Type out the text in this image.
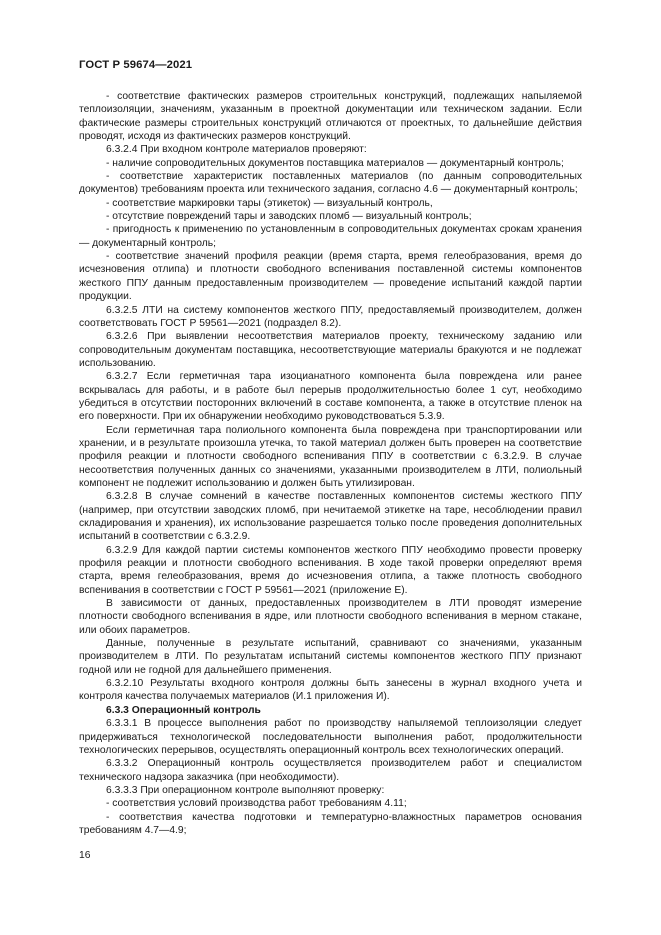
ГОСТ Р 59674—2021

- соответствие фактических размеров строительных конструкций, подлежащих напыляемой теплоизоляции, значениям, указанным в проектной документации или техническом задании. Если фактические размеры строительных конструкций отличаются от проектных, то дальнейшие действия проводят, исходя из фактических размеров конструкций.

6.3.2.4 При входном контроле материалов проверяют:

- наличие сопроводительных документов поставщика материалов — документарный контроль;

- соответствие характеристик поставленных материалов (по данным сопроводительных документов) требованиям проекта или технического задания, согласно 4.6 — документарный контроль;

- соответствие маркировки тары (этикеток) — визуальный контроль,

- отсутствие повреждений тары и заводских пломб — визуальный контроль;

- пригодность к применению по установленным в сопроводительных документах срокам хранения — документарный контроль;

- соответствие значений профиля реакции (время старта, время гелеобразования, время до исчезновения отлипа) и плотности свободного вспенивания поставленной системы компонентов жесткого ППУ данным предоставленным производителем — проведение испытаний каждой партии продукции.

6.3.2.5 ЛТИ на систему компонентов жесткого ППУ, предоставляемый производителем, должен соответствовать ГОСТ Р 59561—2021 (подраздел 8.2).

6.3.2.6 При выявлении несоответствия материалов проекту, техническому заданию или сопроводительным документам поставщика, несоответствующие материалы бракуются и не подлежат использованию.

6.3.2.7 Если герметичная тара изоцианатного компонента была повреждена или ранее вскрывалась для работы, и в работе был перерыв продолжительностью более 1 сут, необходимо убедиться в отсутствии посторонних включений в составе компонента, а также в отсутствие пленок на его поверхности. При их обнаружении необходимо руководствоваться 5.3.9.

Если герметичная тара полиольного компонента была повреждена при транспортировании или хранении, и в результате произошла утечка, то такой материал должен быть проверен на соответствие профиля реакции и плотности свободного вспенивания ППУ в соответствии с 6.3.2.9. В случае несоответствия полученных данных со значениями, указанными производителем в ЛТИ, полиольный компонент не подлежит использованию и должен быть утилизирован.

6.3.2.8 В случае сомнений в качестве поставленных компонентов системы жесткого ППУ (например, при отсутствии заводских пломб, при нечитаемой этикетке на таре, несоблюдении правил складирования и хранения), их использование разрешается только после проведения дополнительных испытаний в соответствии с 6.3.2.9.

6.3.2.9 Для каждой партии системы компонентов жесткого ППУ необходимо провести проверку профиля реакции и плотности свободного вспенивания. В ходе такой проверки определяют время старта, время гелеобразования, время до исчезновения отлипа, а также плотность свободного вспенивания в соответствии с ГОСТ Р 59561—2021 (приложение Е).

В зависимости от данных, предоставленных производителем в ЛТИ проводят измерение плотности свободного вспенивания в ядре, или плотности свободного вспенивания в мерном стакане, или обоих параметров.

Данные, полученные в результате испытаний, сравнивают со значениями, указанным производителем в ЛТИ. По результатам испытаний системы компонентов жесткого ППУ признают годной или не годной для дальнейшего применения.

6.3.2.10 Результаты входного контроля должны быть занесены в журнал входного учета и контроля качества получаемых материалов (И.1 приложения И).

6.3.3 Операционный контроль

6.3.3.1 В процессе выполнения работ по производству напыляемой теплоизоляции следует придерживаться технологической последовательности выполнения работ, продолжительности технологических перерывов, осуществлять операционный контроль всех технологических операций.

6.3.3.2 Операционный контроль осуществляется производителем работ и специалистом технического надзора заказчика (при необходимости).

6.3.3.3 При операционном контроле выполняют проверку:

- соответствия условий производства работ требованиям 4.11;

- соответствия качества подготовки и температурно-влажностных параметров основания требованиям 4.7—4.9;

16
